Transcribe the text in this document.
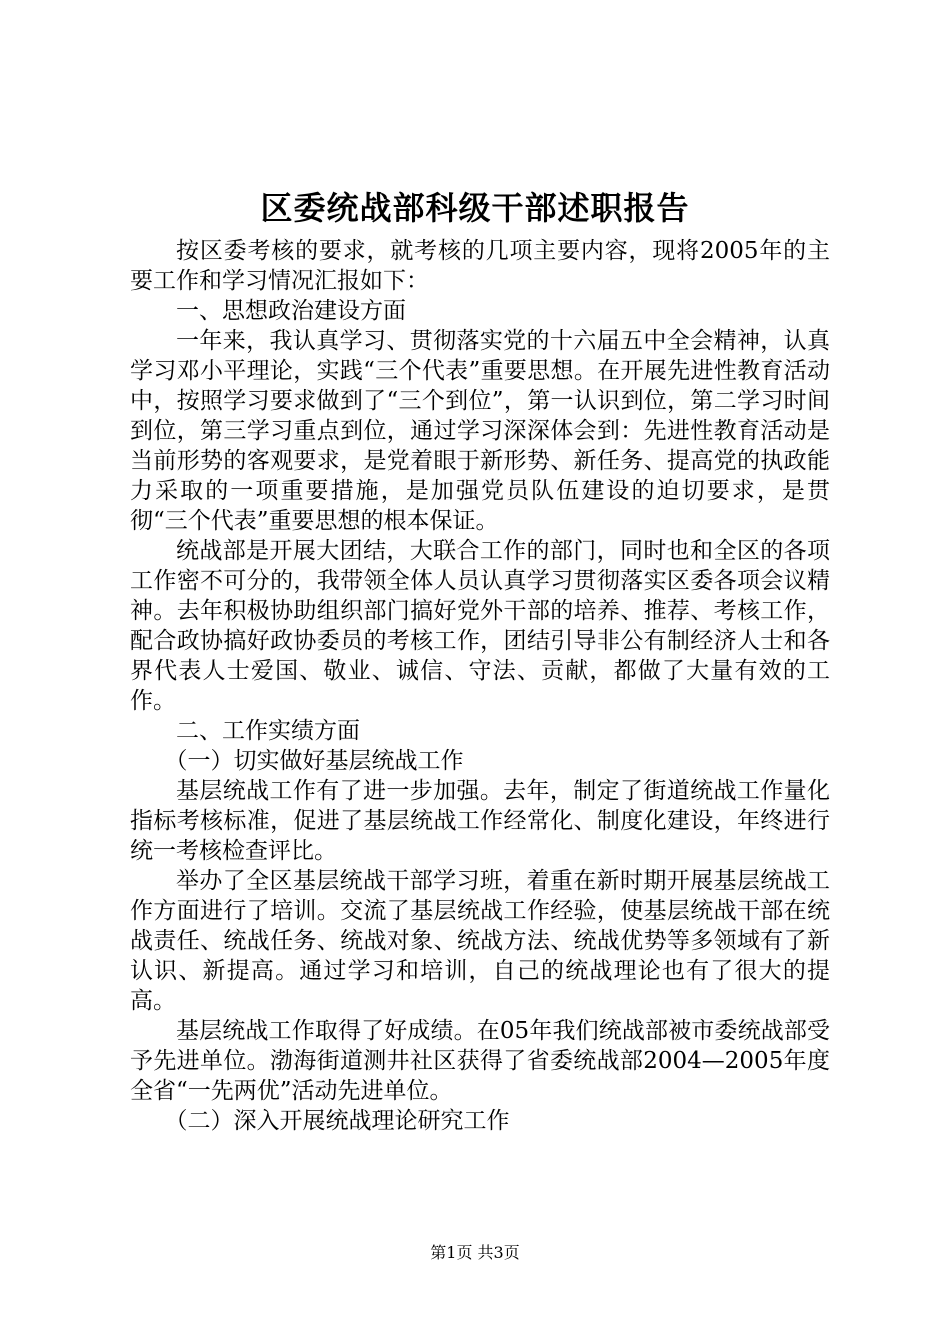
区委统战部科级干部述职报告

按区委考核的要求，就考核的几项主要内容，现将2005年的主要工作和学习情况汇报如下：

一、思想政治建设方面

一年来，我认真学习、贯彻落实党的十六届五中全会精神，认真学习邓小平理论，实践“三个代表”重要思想。在开展先进性教育活动中，按照学习要求做到了“三个到位”，第一认识到位，第二学习时间到位，第三学习重点到位，通过学习深深体会到：先进性教育活动是当前形势的客观要求，是党着眼于新形势、新任务、提高党的执政能力采取的一项重要措施，是加强党员队伍建设的迫切要求，是贯彻“三个代表”重要思想的根本保证。

统战部是开展大团结，大联合工作的部门，同时也和全区的各项工作密不可分的，我带领全体人员认真学习贯彻落实区委各项会议精神。去年积极协助组织部门搞好党外干部的培养、推荐、考核工作，配合政协搞好政协委员的考核工作，团结引导非公有制经济人士和各界代表人士爱国、敬业、诚信、守法、贡献，都做了大量有效的工作。

二、工作实绩方面

（一）切实做好基层统战工作

基层统战工作有了进一步加强。去年，制定了街道统战工作量化指标考核标准，促进了基层统战工作经常化、制度化建设，年终进行统一考核检查评比。

举办了全区基层统战干部学习班，着重在新时期开展基层统战工作方面进行了培训。交流了基层统战工作经验，使基层统战干部在统战责任、统战任务、统战对象、统战方法、统战优势等多领域有了新认识、新提高。通过学习和培训，自己的统战理论也有了很大的提高。

基层统战工作取得了好成绩。在05年我们统战部被市委统战部受予先进单位。渤海街道测井社区获得了省委统战部2004—2005年度全省“一先两优”活动先进单位。

（二）深入开展统战理论研究工作

第1页 共3页
